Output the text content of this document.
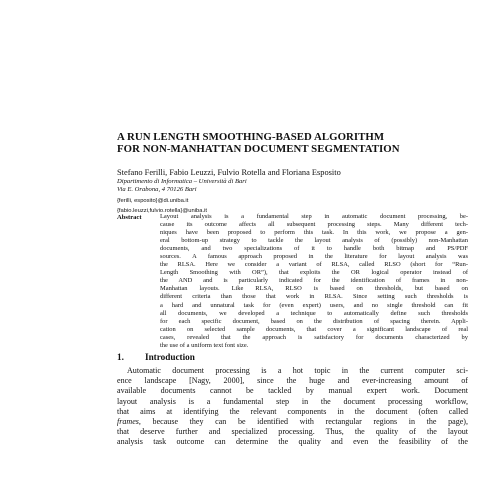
A RUN LENGTH SMOOTHING-BASED ALGORITHM
FOR NON-MANHATTAN DOCUMENT SEGMENTATION
Stefano Ferilli, Fabio Leuzzi, Fulvio Rotella and Floriana Esposito
Dipartimento di Informatica – Università di Bari
Via E. Orabona, 4 70126 Bari
{ferilli, esposito}@di.uniba.it
{fabio.leuzzi,fulvio.rotella}@uniba.it
Abstract	Layout analysis is a fundamental step in automatic document processing, be-
cause its outcome affects all subsequent processing steps. Many different tech-
niques have been proposed to perform this task. In this work, we propose a gen-
eral bottom-up strategy to tackle the layout analysis of (possibly) non-Manhattan
documents, and two specializations of it to handle both bitmap and PS/PDF
sources. A famous approach proposed in the literature for layout analysis was
the RLSA. Here we consider a variant of RLSA, called RLSO (short for “Run-
Length Smoothing with OR”), that exploits the OR logical operator instead of
the AND and is particularly indicated for the identification of frames in non-
Manhattan layouts. Like RLSA, RLSO is based on thresholds, but based on
different criteria than those that work in RLSA. Since setting such thresholds is
a hard and unnatural task for (even expert) users, and no single threshold can fit
all documents, we developed a technique to automatically define such thresholds
for each specific document, based on the distribution of spacing therein. Appli-
cation on selected sample documents, that cover a significant landscape of real
cases, revealed that the approach is satisfactory for documents characterized by
the use of a uniform text font size.
1. Introduction
Automatic document processing is a hot topic in the current computer sci-
ence landscape [Nagy, 2000], since the huge and ever-increasing amount of
available documents cannot be tackled by manual expert work. Document
layout analysis is a fundamental step in the document processing workflow,
that aims at identifying the relevant components in the document (often called
frames, because they can be identified with rectangular regions in the page),
that deserve further and specialized processing. Thus, the quality of the layout
analysis task outcome can determine the quality and even the feasibility of the
